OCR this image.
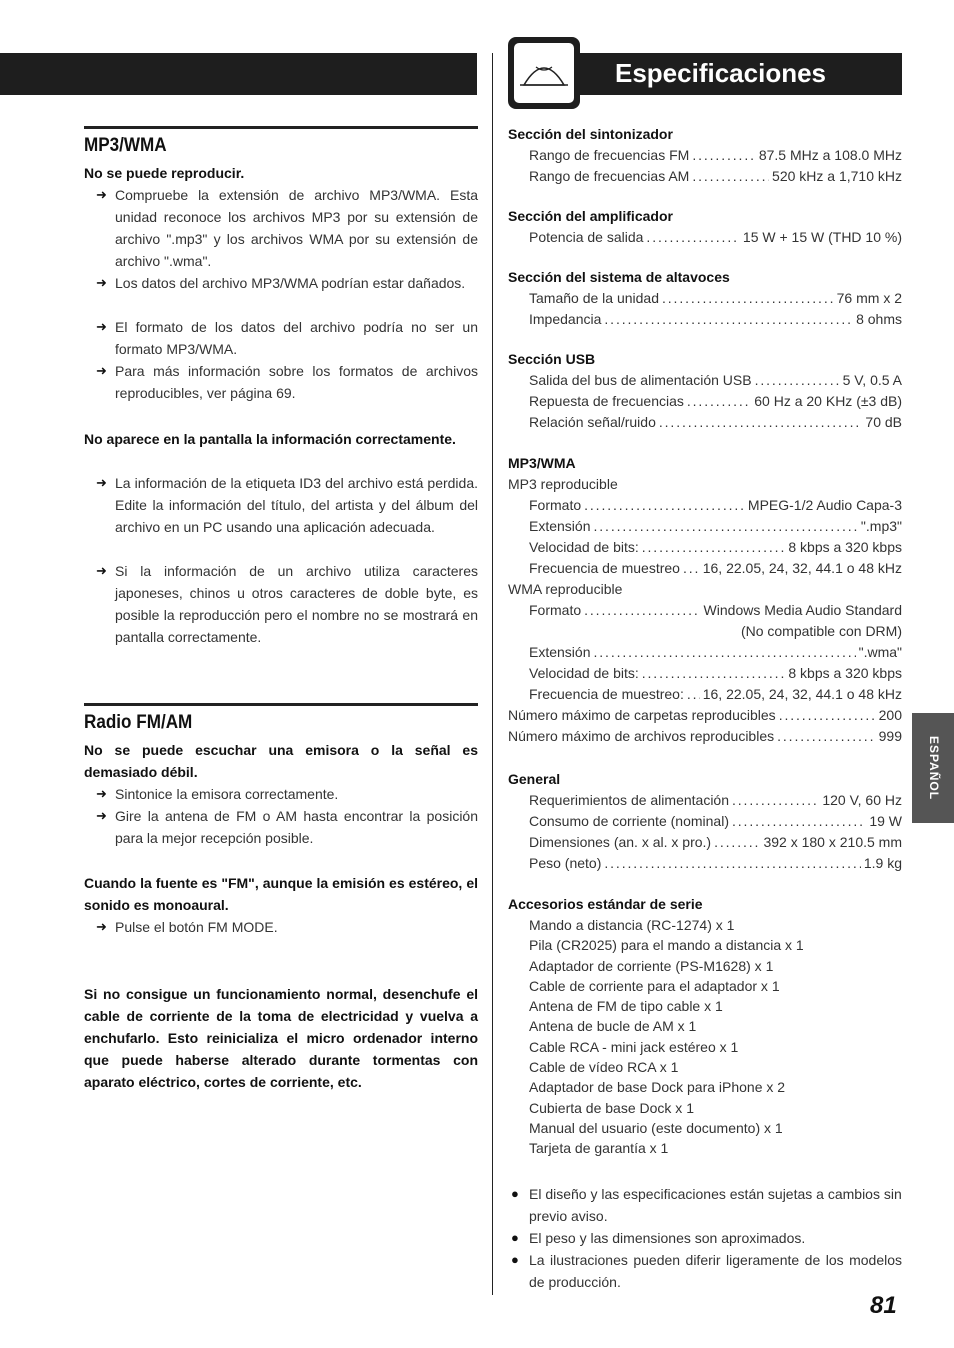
Especificaciones
MP3/WMA
No se puede reproducir.
➜ Compruebe la extensión de archivo MP3/WMA. Esta unidad reconoce los archivos MP3 por su extensión de archivo ".mp3" y los archivos WMA por su extensión de archivo ".wma".
➜ Los datos del archivo MP3/WMA podrían estar dañados.
➜ El formato de los datos del archivo podría no ser un formato MP3/WMA.
➜ Para más información sobre los formatos de archivos reproducibles, ver página 69.
No aparece en la pantalla la información correctamente.
➜ La información de la etiqueta ID3 del archivo está perdida. Edite la información del título, del artista y del álbum del archivo en un PC usando una aplicación adecuada.
➜ Si la información de un archivo utiliza caracteres japoneses, chinos u otros caracteres de doble byte, es posible la reproducción pero el nombre no se mostrará en pantalla correctamente.
Radio FM/AM
No se puede escuchar una emisora o la señal es demasiado débil.
➜ Sintonice la emisora correctamente.
➜ Gire la antena de FM o AM hasta encontrar la posición para la mejor recepción posible.
Cuando la fuente es "FM", aunque la emisión es estéreo, el sonido es monoaural.
➜ Pulse el botón FM MODE.
Si no consigue un funcionamiento normal, desenchufe el cable de corriente de la toma de electricidad y vuelva a enchufarlo. Esto reinicializa el micro ordenador interno que puede haberse alterado durante tormentas con aparato eléctrico, cortes de corriente, etc.
Sección del sintonizador
Rango de frecuencias FM . . .	87.5 MHz a 108.0 MHz
Rango de frecuencias AM . . .	520 kHz a 1,710 kHz
Sección del amplificador
Potencia de salida . . .	15 W + 15 W (THD 10 %)
Sección del sistema de altavoces
Tamaño de la unidad . . .	76 mm x 2
Impedancia . . .	8 ohms
Sección USB
Salida del bus de alimentación USB . . .	5 V, 0.5 A
Repuesta de frecuencias . . .	60 Hz a 20 KHz (±3 dB)
Relación señal/ruido . . .	70 dB
MP3/WMA
MP3 reproducible
Formato . . .	MPEG-1/2 Audio Capa-3
Extensión . . .	".mp3"
Velocidad de bits: . . .	8 kbps a 320 kbps
Frecuencia de muestreo . . . 16, 22.05, 24, 32, 44.1 o 48 kHz
WMA reproducible
Formato . . .	Windows Media Audio Standard
(No compatible con DRM)
Extensión . . .	".wma"
Velocidad de bits: . . .	8 kbps a 320 kbps
Frecuencia de muestreo: . . . 16, 22.05, 24, 32, 44.1 o 48 kHz
Número máximo de carpetas reproducibles . . .	200
Número máximo de archivos reproducibles . . .	999
General
Requerimientos de alimentación . . .	120 V, 60 Hz
Consumo de corriente (nominal) . . .	19 W
Dimensiones (an. x al. x pro.) . . .	392 x 180 x 210.5 mm
Peso (neto) . . .	1.9 kg
Accesorios estándar de serie
Mando a distancia (RC-1274) x 1
Pila (CR2025) para el mando a distancia x 1
Adaptador de corriente (PS-M1628) x 1
Cable de corriente para el adaptador x 1
Antena de FM de tipo cable x 1
Antena de bucle de AM x 1
Cable RCA - mini jack estéreo x 1
Cable de vídeo RCA x 1
Adaptador de base Dock para iPhone x 2
Cubierta de base Dock x 1
Manual del usuario (este documento) x 1
Tarjeta de garantía x 1
● El diseño y las especificaciones están sujetas a cambios sin previo aviso.
● El peso y las dimensiones son aproximados.
● La ilustraciones pueden diferir ligeramente de los modelos de producción.
ESPAÑOL
81
